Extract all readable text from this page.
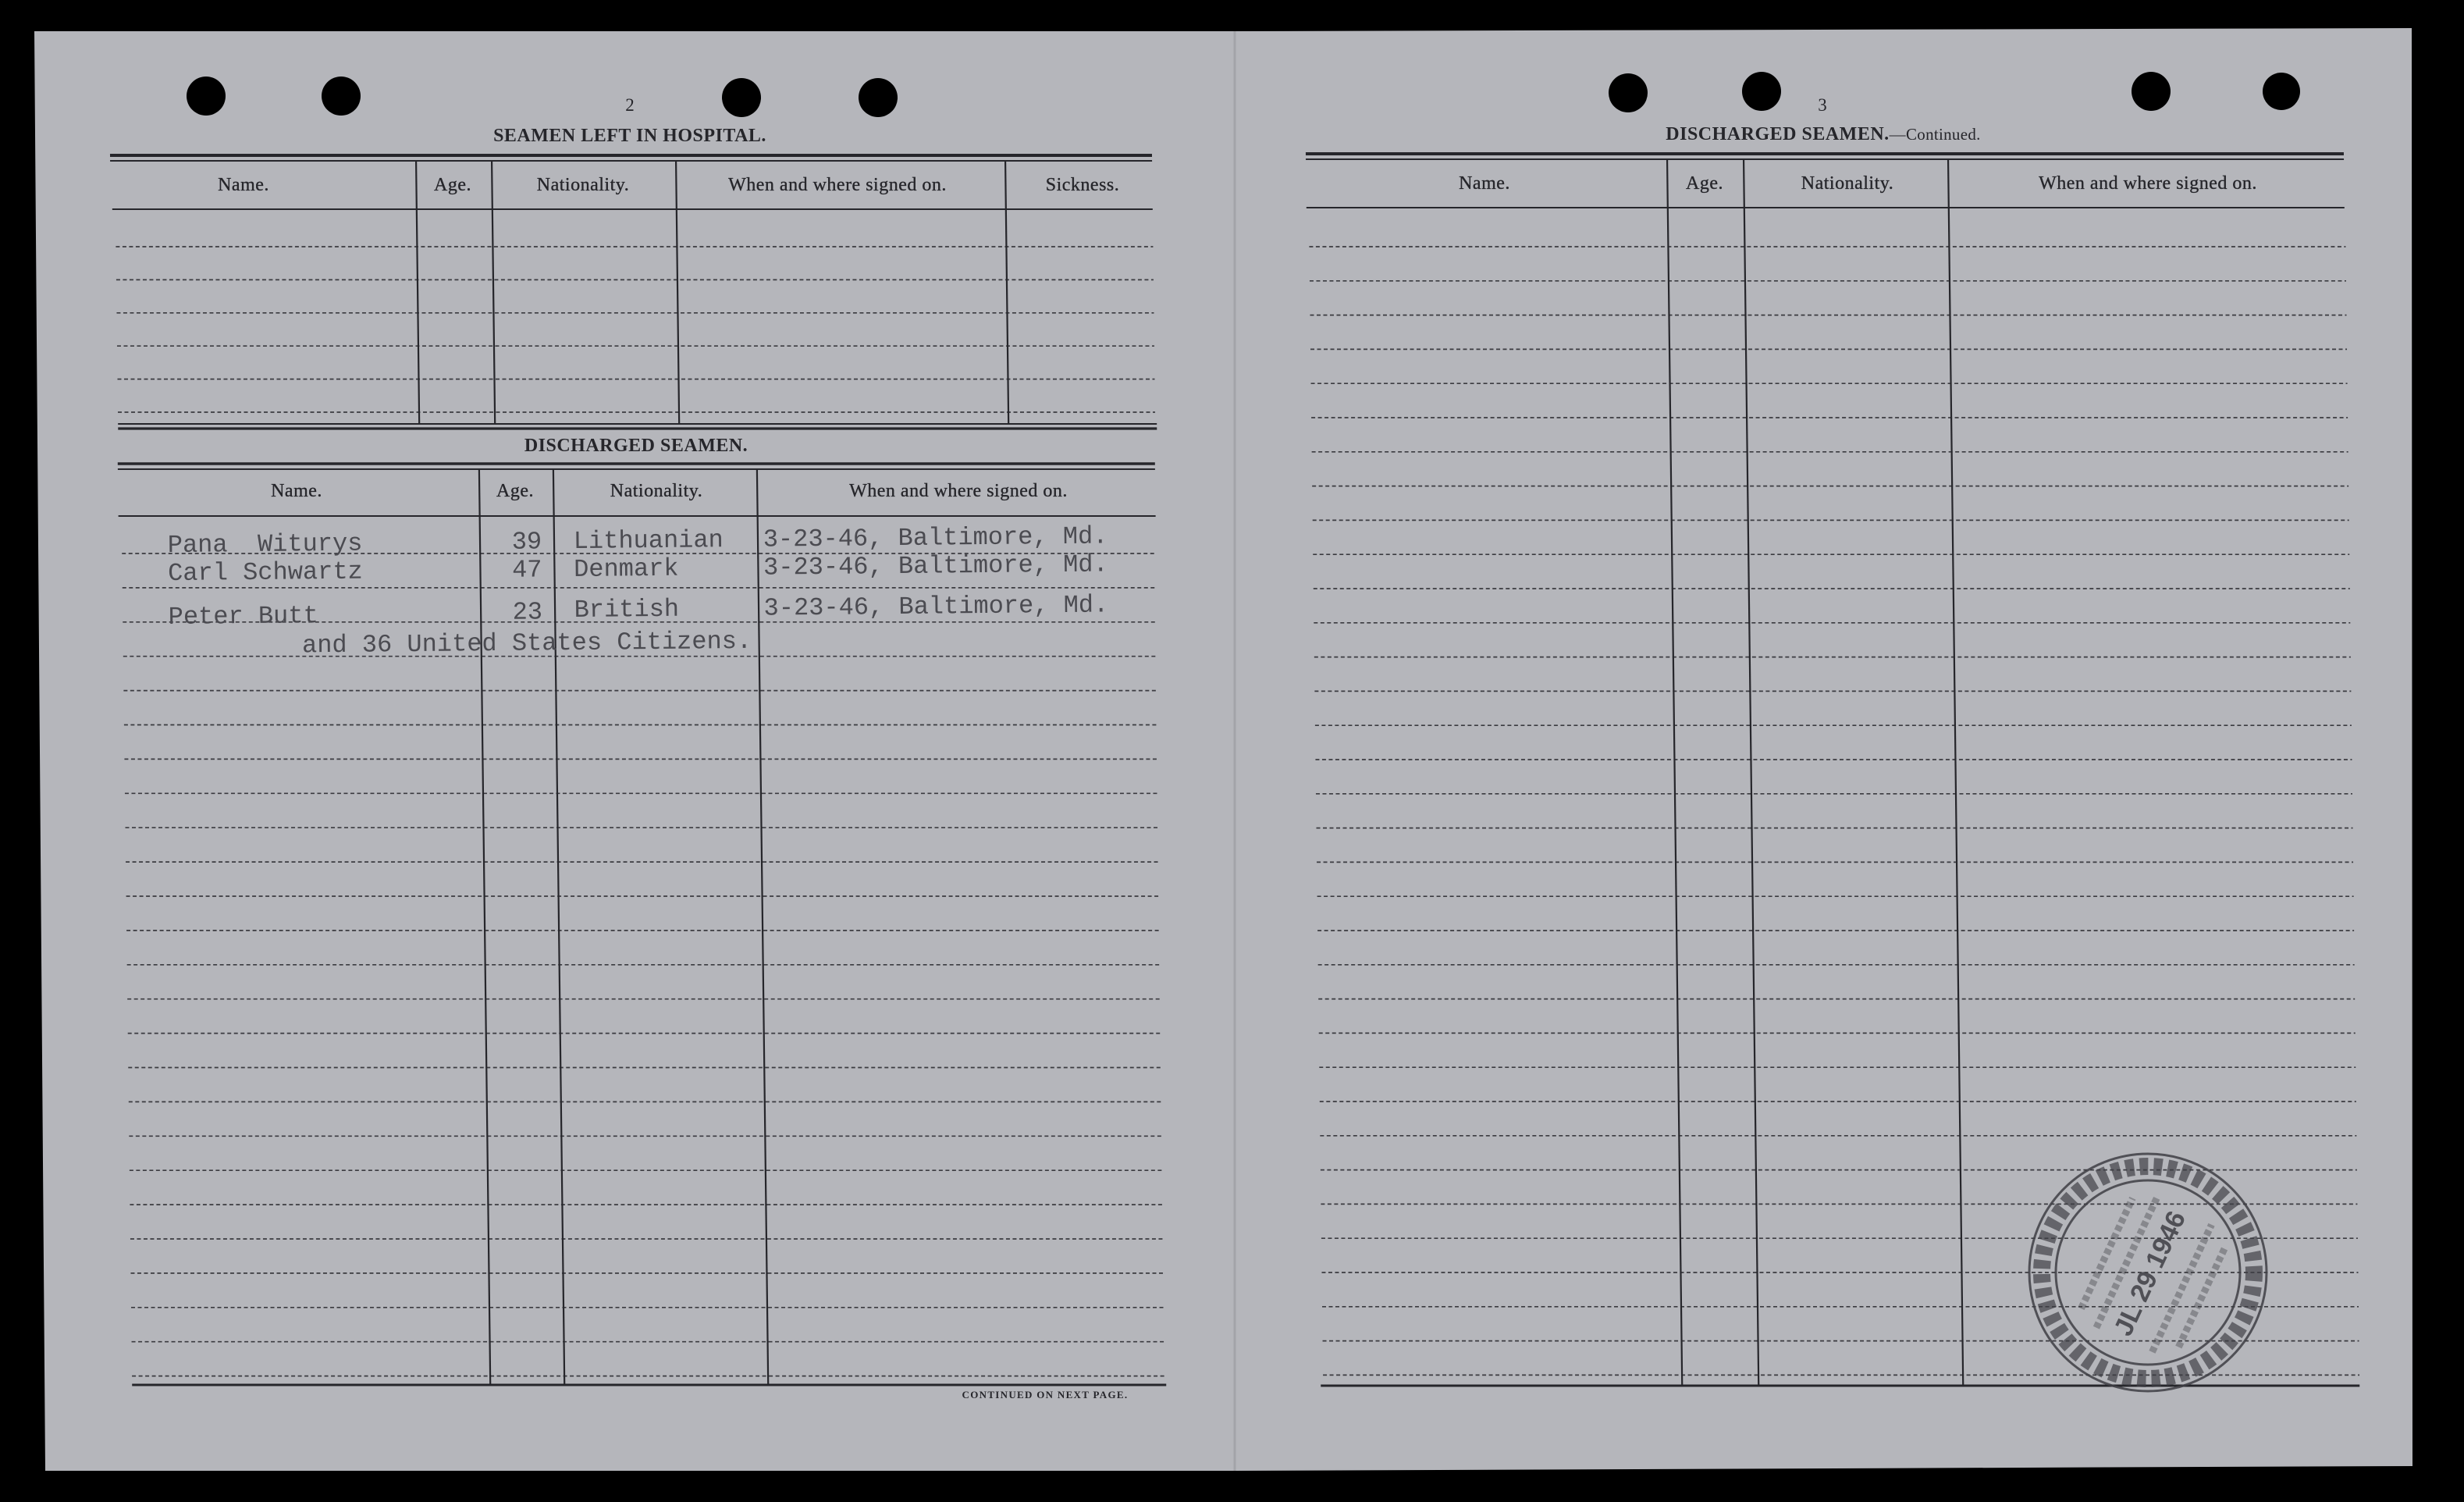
2
SEAMEN LEFT IN HOSPITAL.
Name.	Age.	Nationality.	When and where signed on.	Sickness.
DISCHARGED SEAMEN.
Name.	Age.	Nationality.	When and where signed on.
CONTINUED ON NEXT PAGE.
Pana  Witurys	39 Lithuanian 3-23-46, Baltimore, Md.
Carl Schwartz	47 Denmark	3-23-46, Baltimore, Md.
Peter Butt	23 British	3-23-46, Baltimore, Md.
and 36 United States Citizens.
3
DISCHARGED SEAMEN.—Continued.
Name.	Age.	Nationality.	When and where signed on.
JL 29 1946
